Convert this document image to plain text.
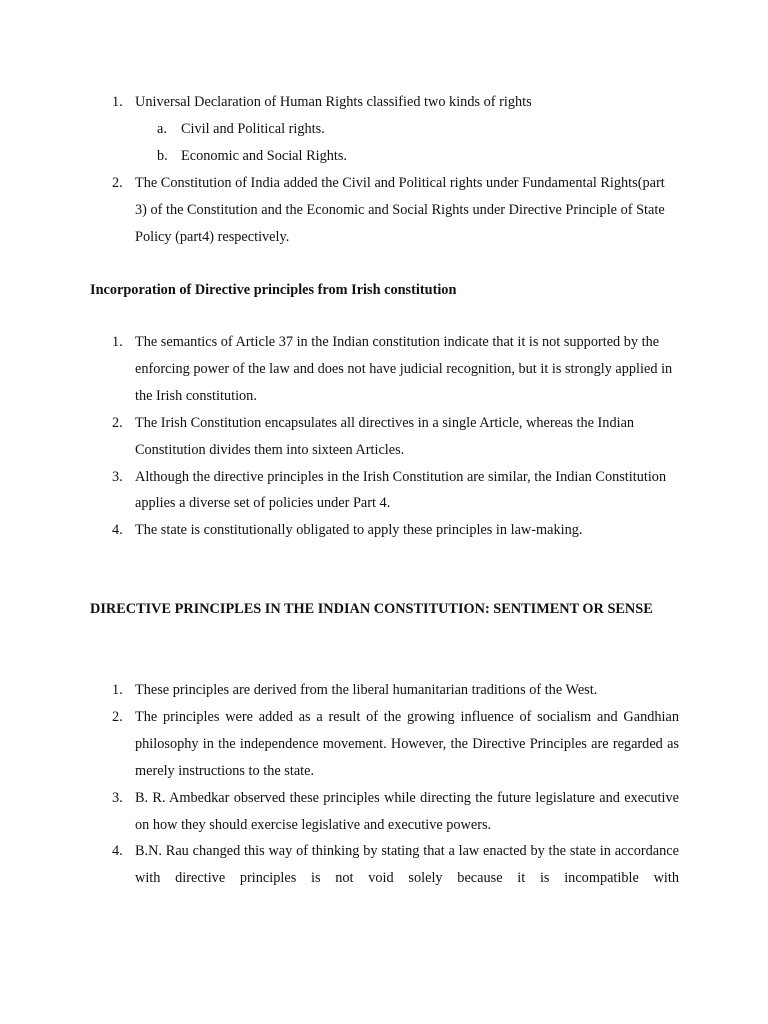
1. Universal Declaration of Human Rights classified two kinds of rights
a. Civil and Political rights.
b. Economic and Social Rights.
2. The Constitution of India added the Civil and Political rights under Fundamental Rights(part 3) of the Constitution and the Economic and Social Rights under Directive Principle of State Policy (part4) respectively.
Incorporation of Directive principles from Irish constitution
1. The semantics of Article 37 in the Indian constitution indicate that it is not supported by the enforcing power of the law and does not have judicial recognition, but it is strongly applied in the Irish constitution.
2. The Irish Constitution encapsulates all directives in a single Article, whereas the Indian Constitution divides them into sixteen Articles.
3. Although the directive principles in the Irish Constitution are similar, the Indian Constitution applies a diverse set of policies under Part 4.
4. The state is constitutionally obligated to apply these principles in law-making.
DIRECTIVE PRINCIPLES IN THE INDIAN CONSTITUTION: SENTIMENT OR SENSE
1. These principles are derived from the liberal humanitarian traditions of the West.
2. The principles were added as a result of the growing influence of socialism and Gandhian philosophy in the independence movement. However, the Directive Principles are regarded as merely instructions to the state.
3. B. R. Ambedkar observed these principles while directing the future legislature and executive on how they should exercise legislative and executive powers.
4. B.N. Rau changed this way of thinking by stating that a law enacted by the state in accordance with directive principles is not void solely because it is incompatible with
